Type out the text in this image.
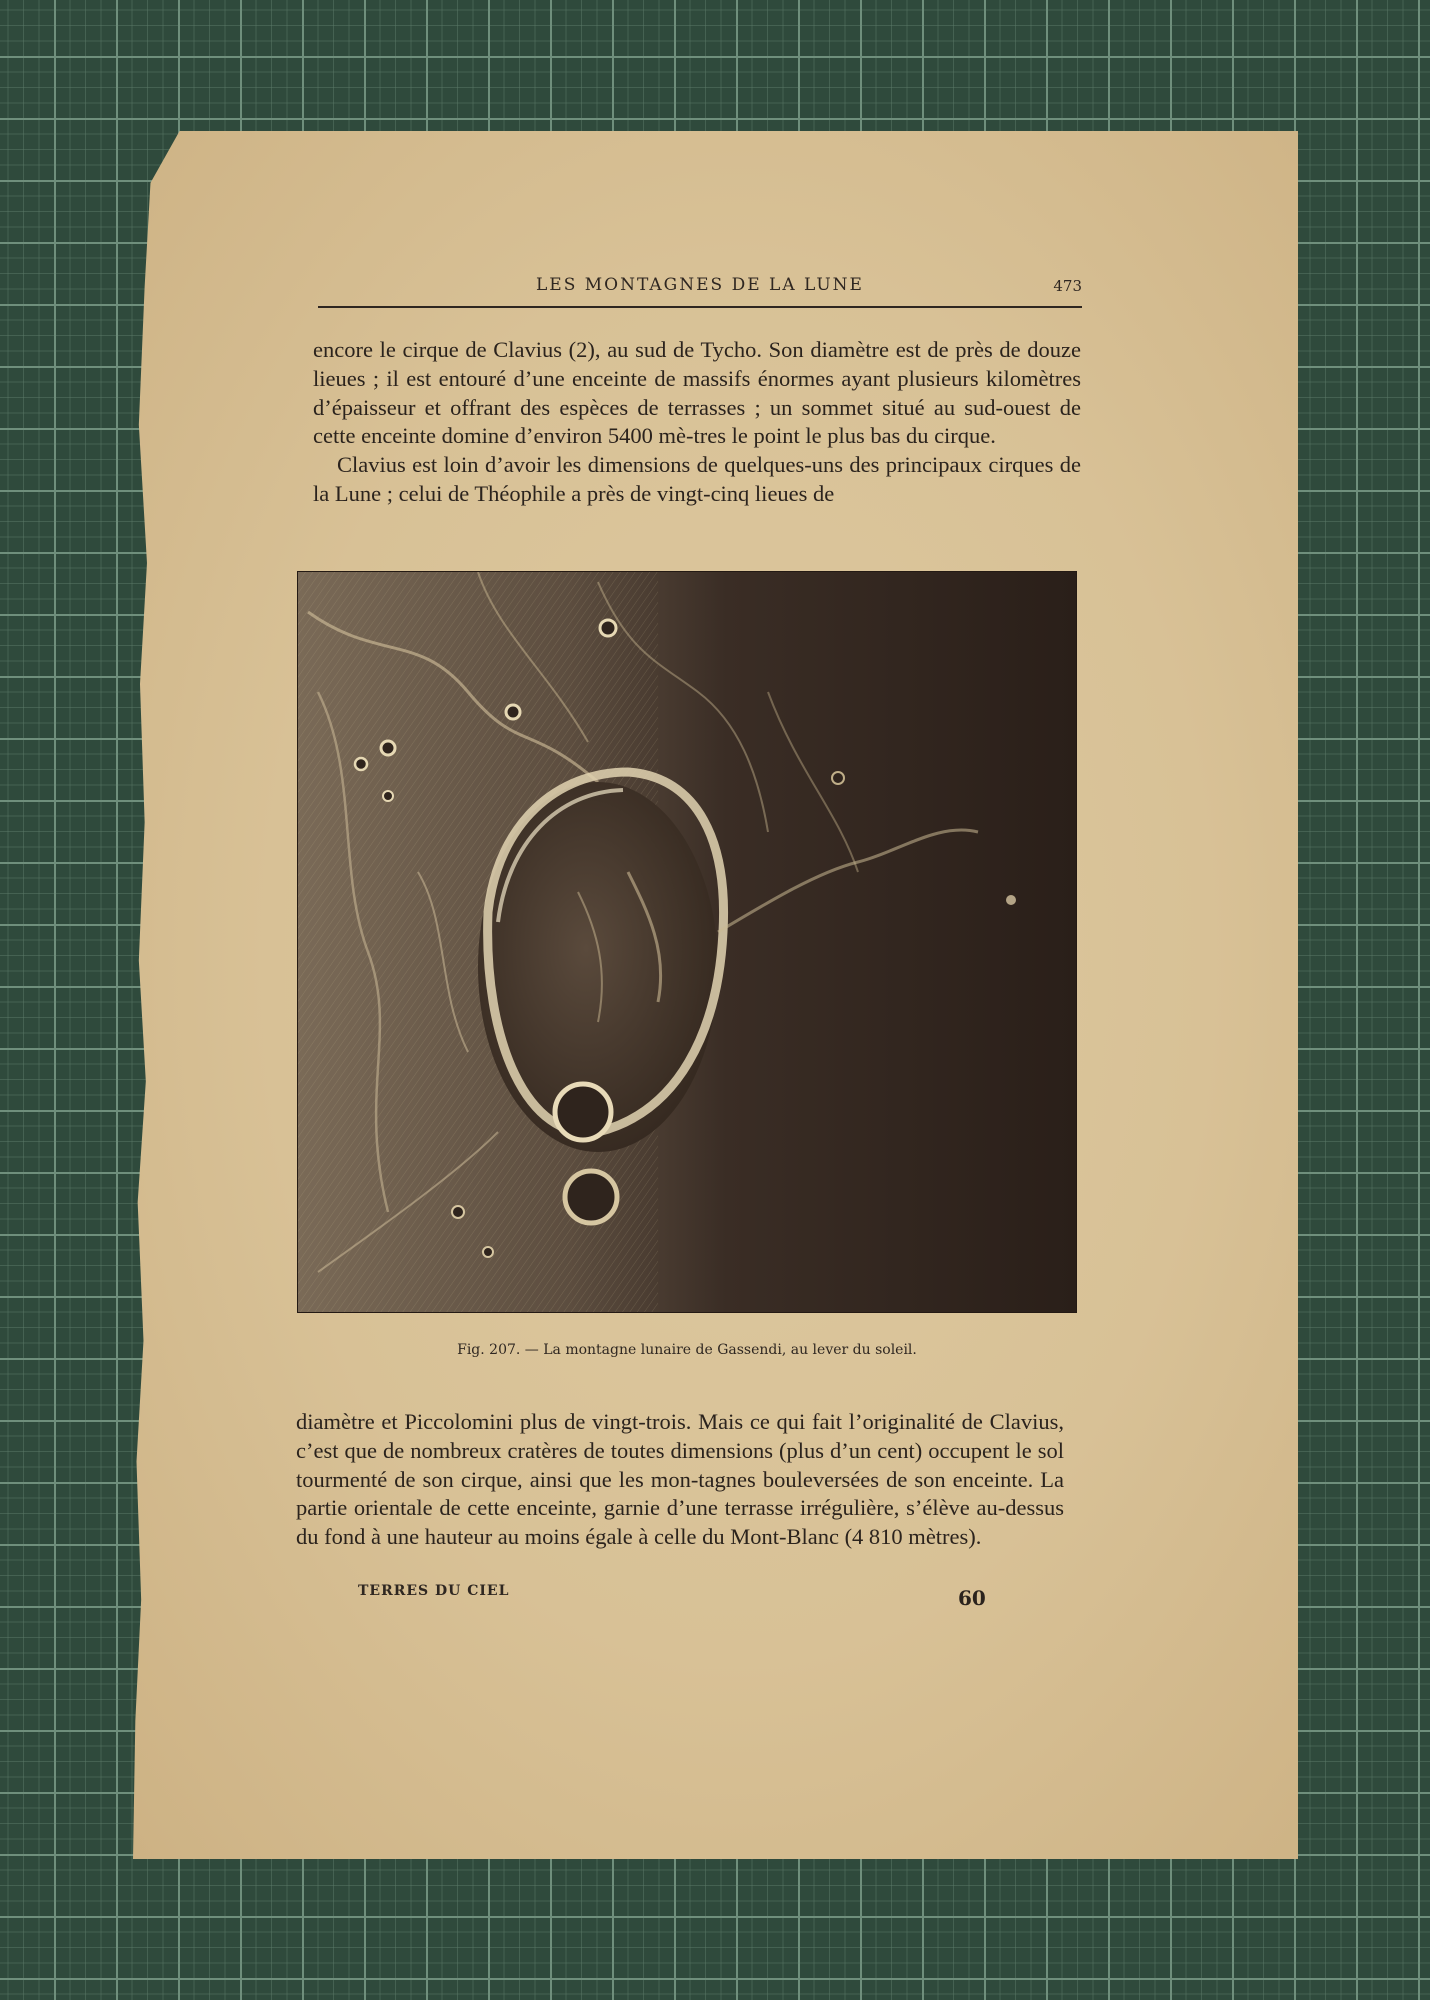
LES MONTAGNES DE LA LUNE	473

encore le cirque de Clavius (2), au sud de Tycho. Son diamètre est de près de douze lieues ; il est entouré d’une enceinte de massifs énormes ayant plusieurs kilomètres d’épaisseur et offrant des espèces de terrasses ; un sommet situé au sud-ouest de cette enceinte domine d’environ 5400 mè-tres le point le plus bas du cirque.

Clavius est loin d’avoir les dimensions de quelques-uns des principaux cirques de la Lune ; celui de Théophile a près de vingt-cinq lieues de

Fig. 207. — La montagne lunaire de Gassendi, au lever du soleil.

diamètre et Piccolomini plus de vingt-trois. Mais ce qui fait l’originalité de Clavius, c’est que de nombreux cratères de toutes dimensions (plus d’un cent) occupent le sol tourmenté de son cirque, ainsi que les mon-tagnes bouleversées de son enceinte. La partie orientale de cette enceinte, garnie d’une terrasse irrégulière, s’élève au-dessus du fond à une hauteur au moins égale à celle du Mont-Blanc (4 810 mètres).

TERRES DU CIEL	60
